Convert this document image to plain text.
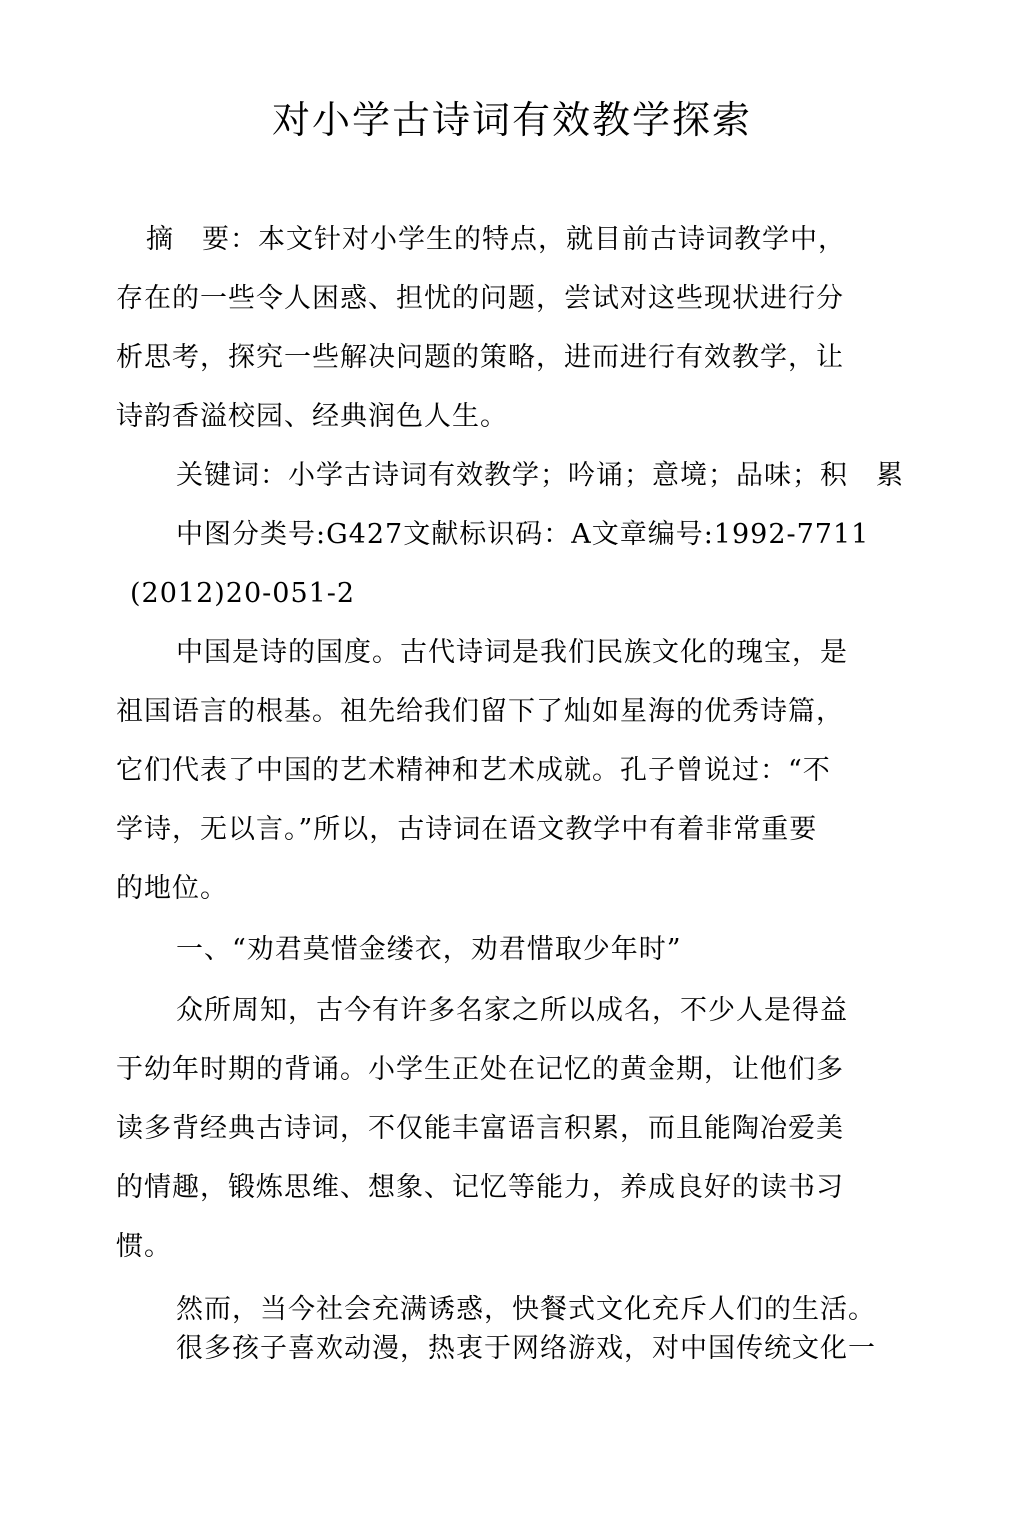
对小学古诗词有效教学探索
摘　要：本文针对小学生的特点，就目前古诗词教学中，
存在的一些令人困惑、担忧的问题，尝试对这些现状进行分
析思考，探究一些解决问题的策略，进而进行有效教学，让
诗韵香溢校园、经典润色人生。
关键词：小学古诗词有效教学；吟诵；意境；品味；积　累
中图分类号:G427文献标识码：A文章编号:1992-7711
(2012)20-051-2
中国是诗的国度。古代诗词是我们民族文化的瑰宝，是
祖国语言的根基。祖先给我们留下了灿如星海的优秀诗篇，
它们代表了中国的艺术精神和艺术成就。孔子曾说过：“不
学诗，无以言。”所以，古诗词在语文教学中有着非常重要
的地位。
一、“劝君莫惜金缕衣，劝君惜取少年时”
众所周知，古今有许多名家之所以成名，不少人是得益
于幼年时期的背诵。小学生正处在记忆的黄金期，让他们多
读多背经典古诗词，不仅能丰富语言积累，而且能陶冶爱美
的情趣，锻炼思维、想象、记忆等能力，养成良好的读书习
惯。
然而，当今社会充满诱惑，快餐式文化充斥人们的生活。
很多孩子喜欢动漫，热衷于网络游戏，对中国传统文化一
